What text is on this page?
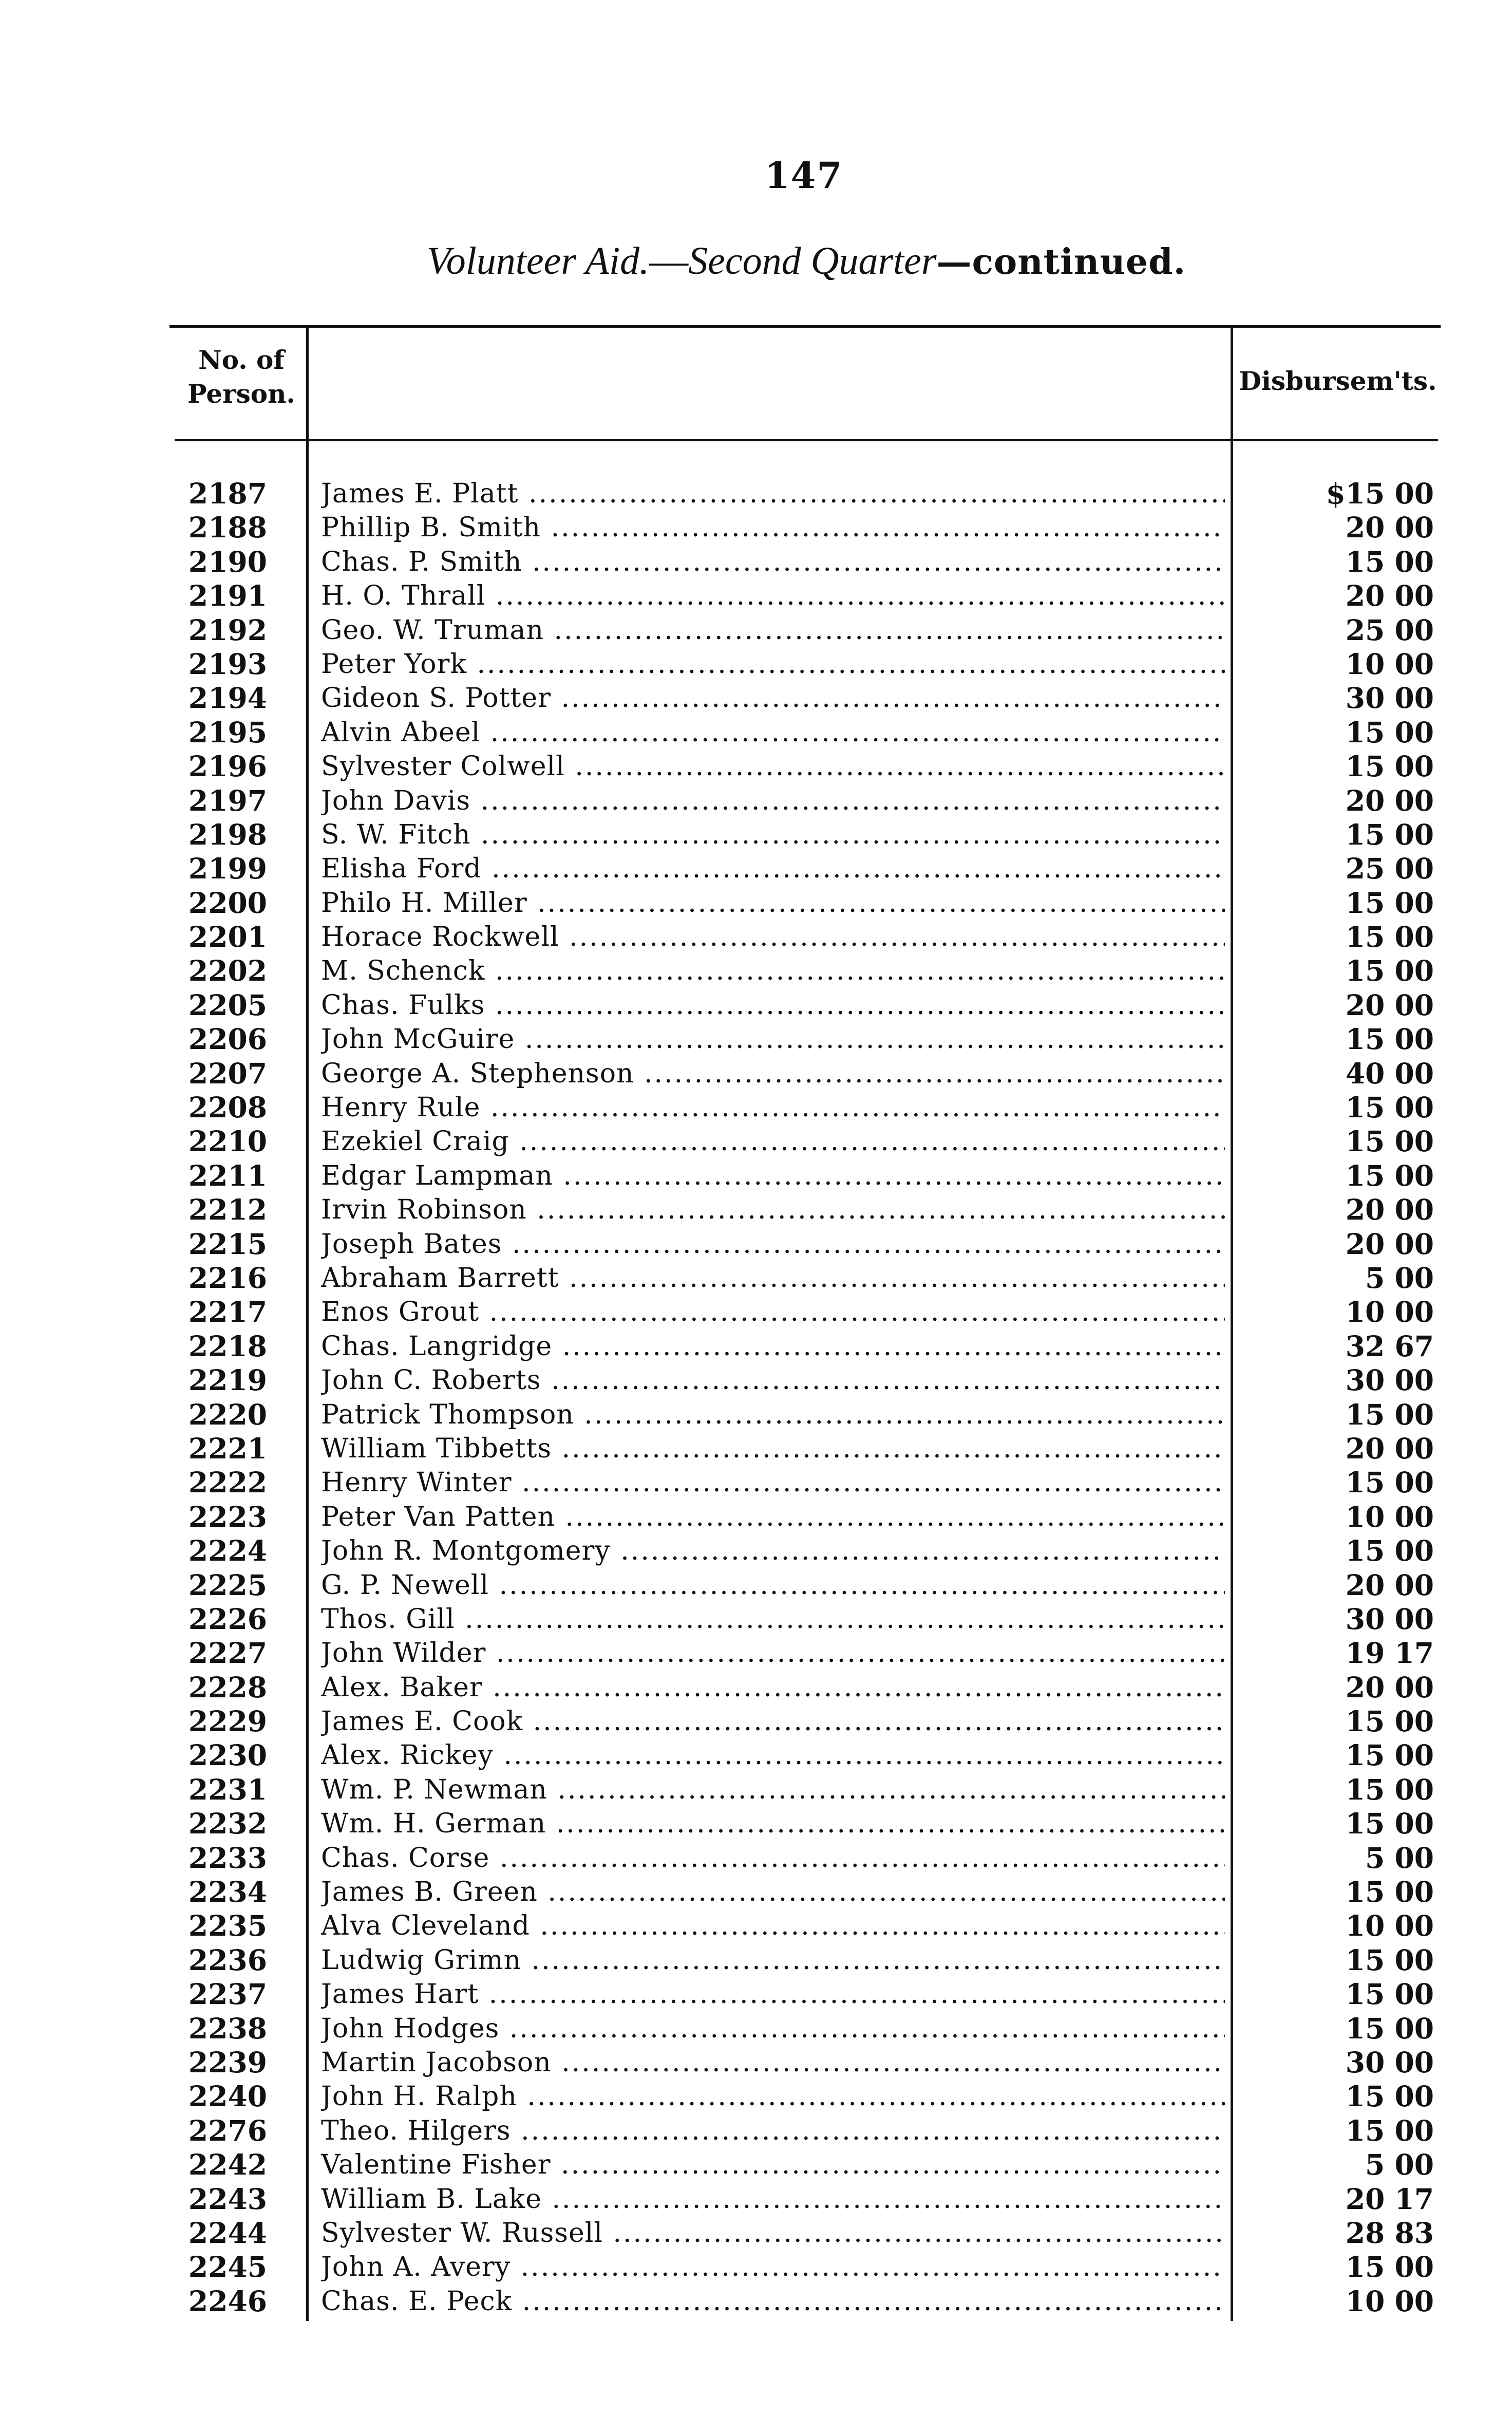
147
Volunteer Aid.—Second Quarter—continued.
No. of
Person.	Disbursem'ts.
2187 James E. Platt .....	$15 00
2188 Phillip B. Smith .....	20 00
2190 Chas. P. Smith .....	15 00
2191 H. O. Thrall .....	20 00
2192 Geo. W. Truman .....	25 00
2193 Peter York .....	10 00
2194 Gideon S. Potter .....	30 00
2195 Alvin Abeel .....	15 00
2196 Sylvester Colwell .....	15 00
2197 John Davis .....	20 00
2198 S. W. Fitch .....	15 00
2199 Elisha Ford .....	25 00
2200 Philo H. Miller .....	15 00
2201 Horace Rockwell .....	15 00
2202 M. Schenck .....	15 00
2205 Chas. Fulks .....	20 00
2206 John McGuire .....	15 00
2207 George A. Stephenson .....	40 00
2208 Henry Rule .....	15 00
2210 Ezekiel Craig .....	15 00
2211 Edgar Lampman .....	15 00
2212 Irvin Robinson .....	20 00
2215 Joseph Bates .....	20 00
2216 Abraham Barrett .....	5 00
2217 Enos Grout .....	10 00
2218 Chas. Langridge .....	32 67
2219 John C. Roberts .....	30 00
2220 Patrick Thompson .....	15 00
2221 William Tibbetts .....	20 00
2222 Henry Winter .....	15 00
2223 Peter Van Patten .....	10 00
2224 John R. Montgomery .....	15 00
2225 G. P. Newell .....	20 00
2226 Thos. Gill .....	30 00
2227 John Wilder .....	19 17
2228 Alex. Baker .....	20 00
2229 James E. Cook .....	15 00
2230 Alex. Rickey .....	15 00
2231 Wm. P. Newman .....	15 00
2232 Wm. H. German .....	15 00
2233 Chas. Corse .....	5 00
2234 James B. Green .....	15 00
2235 Alva Cleveland .....	10 00
2236 Ludwig Grimn .....	15 00
2237 James Hart .....	15 00
2238 John Hodges .....	15 00
2239 Martin Jacobson .....	30 00
2240 John H. Ralph .....	15 00
2276 Theo. Hilgers .....	15 00
2242 Valentine Fisher .....	5 00
2243 William B. Lake .....	20 17
2244 Sylvester W. Russell .....	28 83
2245 John A. Avery .....	15 00
2246 Chas. E. Peck .....	10 00
